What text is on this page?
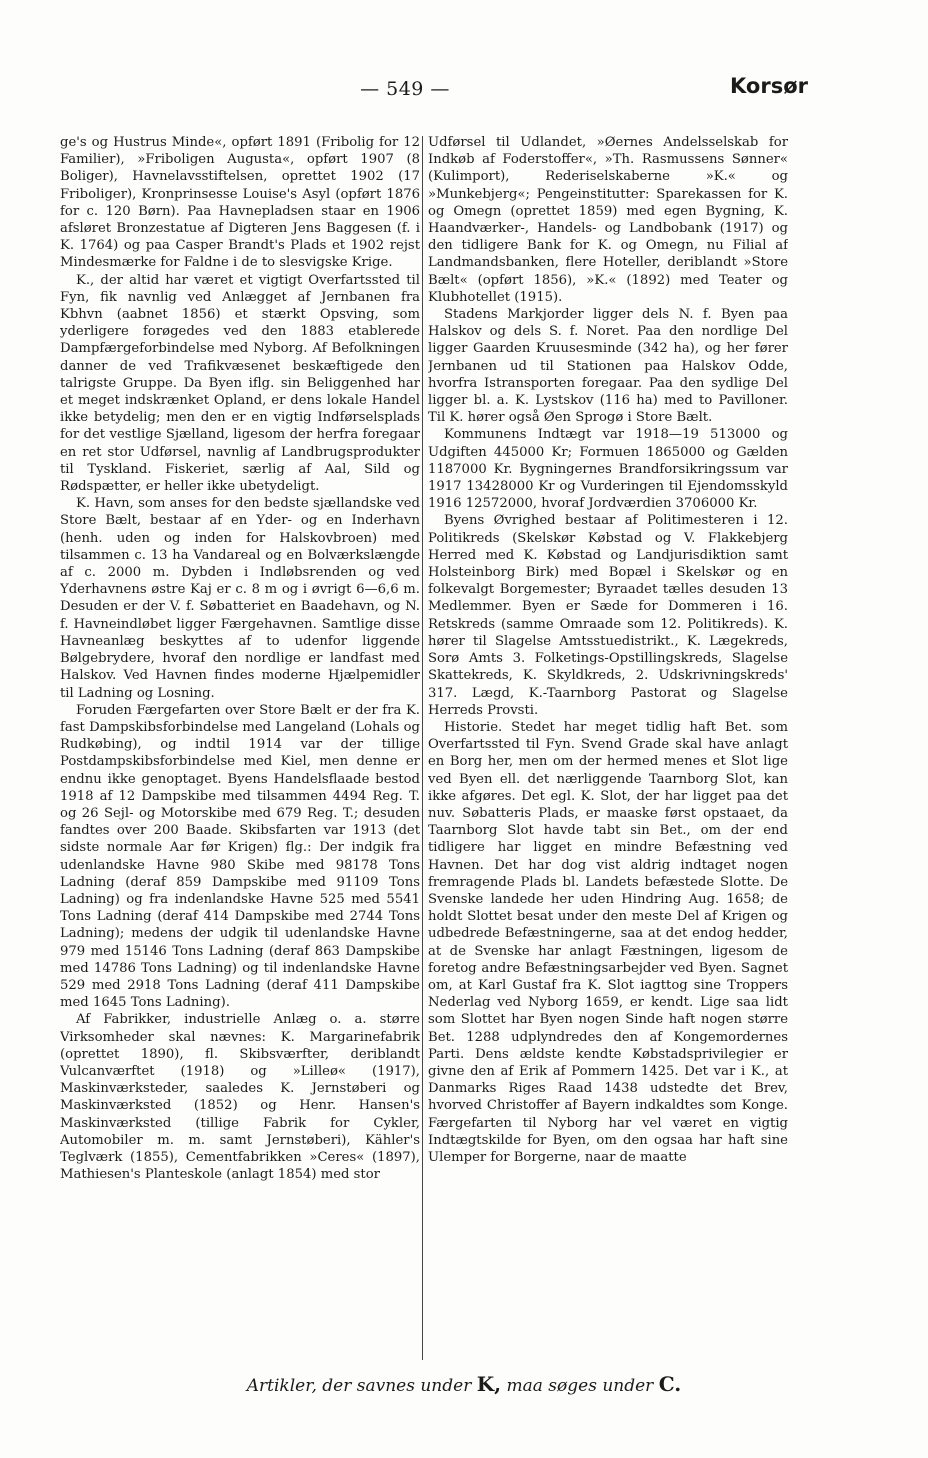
— 549 —	Korsør

ge's og Hustrus Minde«, opført 1891 (Fribolig for 12 Familier), »Friboligen Augusta«, opført 1907 (8 Boliger), Havnelavsstiftelsen, oprettet 1902 (17 Friboliger), Kronprinsesse Louise's Asyl (opført 1876 for c. 120 Børn). Paa Havnepladsen staar en 1906 afsløret Bronzestatue af Digteren Jens Baggesen (f. i K. 1764) og paa Casper Brandt's Plads et 1902 rejst Mindesmærke for Faldne i de to slesvigske Krige.

K., der altid har været et vigtigt Overfartssted til Fyn, fik navnlig ved Anlægget af Jernbanen fra Kbhvn (aabnet 1856) et stærkt Opsving, som yderligere forøgedes ved den 1883 etablerede Dampfærgeforbindelse med Nyborg. Af Befolkningen danner de ved Trafikvæsenet beskæftigede den talrigste Gruppe. Da Byen iflg. sin Beliggenhed har et meget indskrænket Opland, er dens lokale Handel ikke betydelig; men den er en vigtig Indførselsplads for det vestlige Sjælland, ligesom der herfra foregaar en ret stor Udførsel, navnlig af Landbrugsprodukter til Tyskland. Fiskeriet, særlig af Aal, Sild og Rødspætter, er heller ikke ubetydeligt.

K. Havn, som anses for den bedste sjællandske ved Store Bælt, bestaar af en Yder- og en Inderhavn (henh. uden og inden for Halskovbroen) med tilsammen c. 13 ha Vandareal og en Bolværkslængde af c. 2000 m. Dybden i Indløbsrenden og ved Yderhavnens østre Kaj er c. 8 m og i øvrigt 6—6,6 m. Desuden er der V. f. Søbatteriet en Baadehavn, og N. f. Havneindløbet ligger Færgehavnen. Samtlige disse Havneanlæg beskyttes af to udenfor liggende Bølgebrydere, hvoraf den nordlige er landfast med Halskov. Ved Havnen findes moderne Hjælpemidler til Ladning og Losning.

Foruden Færgefarten over Store Bælt er der fra K. fast Dampskibsforbindelse med Langeland (Lohals og Rudkøbing), og indtil 1914 var der tillige Postdampskibsforbindelse med Kiel, men denne er endnu ikke genoptaget. Byens Handelsflaade bestod 1918 af 12 Dampskibe med tilsammen 4494 Reg. T. og 26 Sejl- og Motorskibe med 679 Reg. T.; desuden fandtes over 200 Baade. Skibsfarten var 1913 (det sidste normale Aar før Krigen) flg.: Der indgik fra udenlandske Havne 980 Skibe med 98178 Tons Ladning (deraf 859 Dampskibe med 91109 Tons Ladning) og fra indenlandske Havne 525 med 5541 Tons Ladning (deraf 414 Dampskibe med 2744 Tons Ladning); medens der udgik til udenlandske Havne 979 med 15146 Tons Ladning (deraf 863 Dampskibe med 14786 Tons Ladning) og til indenlandske Havne 529 med 2918 Tons Ladning (deraf 411 Dampskibe med 1645 Tons Ladning).

Af Fabrikker, industrielle Anlæg o. a. større Virksomheder skal nævnes: K. Margarinefabrik (oprettet 1890), fl. Skibsværfter, deriblandt Vulcanværftet (1918) og »Lilleø« (1917), Maskinværksteder, saaledes K. Jernstøberi og Maskinværksted (1852) og Henr. Hansen's Maskinværksted (tillige Fabrik for Cykler, Automobiler m. m. samt Jernstøberi), Kähler's Teglværk (1855), Cementfabrikken »Ceres« (1897), Mathiesen's Planteskole (anlagt 1854) med stor

Udførsel til Udlandet, »Øernes Andelsselskab for Indkøb af Foderstoffer«, »Th. Rasmussens Sønner« (Kulimport), Rederiselskaberne »K.« og »Munkebjerg«; Pengeinstitutter: Sparekassen for K. og Omegn (oprettet 1859) med egen Bygning, K. Haandværker-, Handels- og Landbobank (1917) og den tidligere Bank for K. og Omegn, nu Filial af Landmandsbanken, flere Hoteller, deriblandt »Store Bælt« (opført 1856), »K.« (1892) med Teater og Klubhotellet (1915).

Stadens Markjorder ligger dels N. f. Byen paa Halskov og dels S. f. Noret. Paa den nordlige Del ligger Gaarden Kruusesminde (342 ha), og her fører Jernbanen ud til Stationen paa Halskov Odde, hvorfra Istransporten foregaar. Paa den sydlige Del ligger bl. a. K. Lystskov (116 ha) med to Pavilloner. Til K. hører også Øen Sprogø i Store Bælt.

Kommunens Indtægt var 1918—19 513000 og Udgiften 445000 Kr; Formuen 1865000 og Gælden 1187000 Kr. Bygningernes Brandforsikringssum var 1917 13428000 Kr og Vurderingen til Ejendomsskyld 1916 12572000, hvoraf Jordværdien 3706000 Kr.

Byens Øvrighed bestaar af Politimesteren i 12. Politikreds (Skelskør Købstad og V. Flakkebjerg Herred med K. Købstad og Landjurisdiktion samt Holsteinborg Birk) med Bopæl i Skelskør og en folkevalgt Borgemester; Byraadet tælles desuden 13 Medlemmer. Byen er Sæde for Dommeren i 16. Retskreds (samme Omraade som 12. Politikreds). K. hører til Slagelse Amtsstuedistrikt., K. Lægekreds, Sorø Amts 3. Folketings-Opstillingskreds, Slagelse Skattekreds, K. Skyldkreds, 2. Udskrivningskreds' 317. Lægd, K.-Taarnborg Pastorat og Slagelse Herreds Provsti.

Historie. Stedet har meget tidlig haft Bet. som Overfartssted til Fyn. Svend Grade skal have anlagt en Borg her, men om der hermed menes et Slot lige ved Byen ell. det nærliggende Taarnborg Slot, kan ikke afgøres. Det egl. K. Slot, der har ligget paa det nuv. Søbatteris Plads, er maaske først opstaaet, da Taarnborg Slot havde tabt sin Bet., om der end tidligere har ligget en mindre Befæstning ved Havnen. Det har dog vist aldrig indtaget nogen fremragende Plads bl. Landets befæstede Slotte. De Svenske landede her uden Hindring Aug. 1658; de holdt Slottet besat under den meste Del af Krigen og udbedrede Befæstningerne, saa at det endog hedder, at de Svenske har anlagt Fæstningen, ligesom de foretog andre Befæstningsarbejder ved Byen. Sagnet om, at Karl Gustaf fra K. Slot iagttog sine Troppers Nederlag ved Nyborg 1659, er kendt. Lige saa lidt som Slottet har Byen nogen Sinde haft nogen større Bet. 1288 udplyndredes den af Kongemordernes Parti. Dens ældste kendte Købstadsprivilegier er givne den af Erik af Pommern 1425. Det var i K., at Danmarks Riges Raad 1438 udstedte det Brev, hvorved Christoffer af Bayern indkaldtes som Konge. Færgefarten til Nyborg har vel været en vigtig Indtægtskilde for Byen, om den ogsaa har haft sine Ulemper for Borgerne, naar de maatte

Artikler, der savnes under K, maa søges under C.
